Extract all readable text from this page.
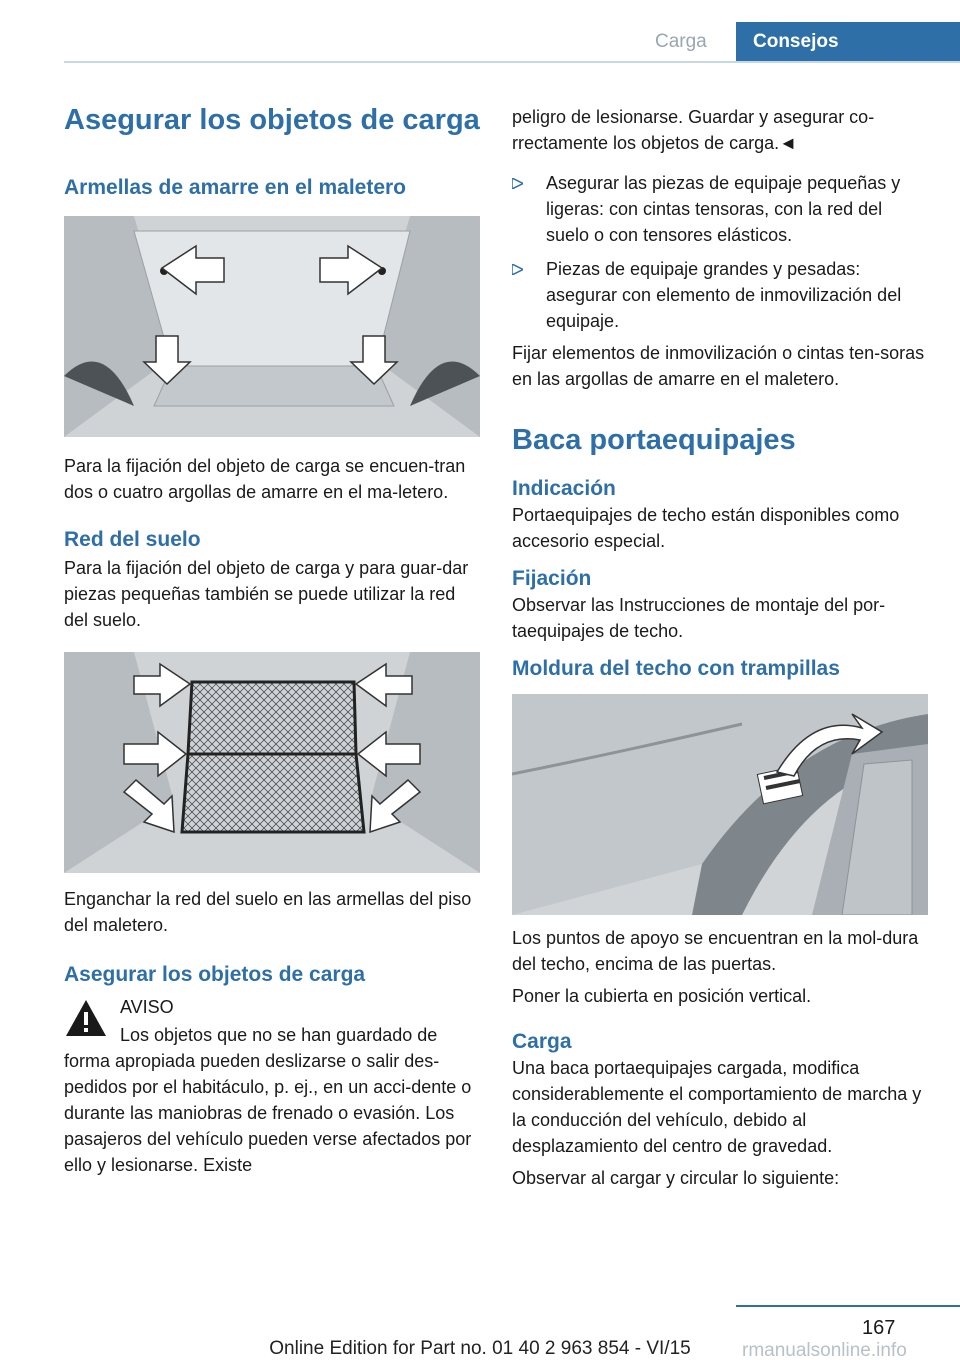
Carga	Consejos
Asegurar los objetos de carga
Armellas de amarre en el maletero

Para la fijación del objeto de carga se encuen‐tran dos o cuatro argollas de amarre en el ma‐letero.

Red del suelo

Para la fijación del objeto de carga y para guar‐dar piezas pequeñas también se puede utilizar la red del suelo.

Enganchar la red del suelo en las armellas del piso del maletero.

Asegurar los objetos de carga

AVISO

Los objetos que no se han guardado de forma apropiada pueden deslizarse o salir des‐pedidos por el habitáculo, p. ej., en un acci‐dente o durante las maniobras de frenado o evasión. Los pasajeros del vehículo pueden verse afectados por ello y lesionarse. Existe

peligro de lesionarse. Guardar y asegurar co‐rrectamente los objetos de carga.◄

Asegurar las piezas de equipaje pequeñas y ligeras: con cintas tensoras, con la red del suelo o con tensores elásticos.
Piezas de equipaje grandes y pesadas: asegurar con elemento de inmovilización del equipaje.

Fijar elementos de inmovilización o cintas ten‐soras en las argollas de amarre en el maletero.

Baca portaequipajes
Indicación

Portaequipajes de techo están disponibles como accesorio especial.

Fijación

Observar las Instrucciones de montaje del por‐taequipajes de techo.

Moldura del techo con trampillas

Los puntos de apoyo se encuentran en la mol‐dura del techo, encima de las puertas.

Poner la cubierta en posición vertical.

Carga

Una baca portaequipajes cargada, modifica considerablemente el comportamiento de marcha y la conducción del vehículo, debido al desplazamiento del centro de gravedad.

Observar al cargar y circular lo siguiente:

167
Online Edition for Part no. 01 40 2 963 854 - VI/15	rmanualsonline.info
